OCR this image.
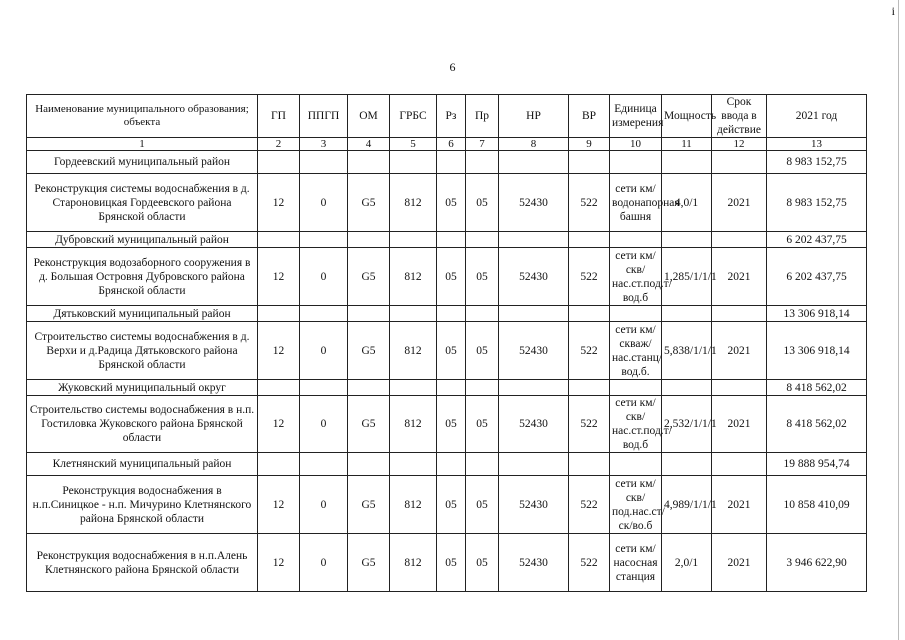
i
6
Наименование муниципального образования; объекта	ГП	ППГП	ОМ	ГРБС	Рз	Пр	НР	ВР	Единица измерения	Мощность	Срок ввода в действие	2021 год
1	2	3	4	5	6	7	8	9	10	11	12	13
Гордеевский муниципальный район												8 983 152,75
Реконструкция системы водоснабжения в д. Староновицкая Гордеевского района Брянской области	12	0	G5	812	05	05	52430	522	сети км/водонапорная башня	4,0/1	2021	8 983 152,75
Дубровский муниципальный район												6 202 437,75
Реконструкция водозаборного сооружения в д. Большая Островня Дубровского района Брянской области	12	0	G5	812	05	05	52430	522	сети км/скв/нас.ст.под.т/вод.б	1,285/1/1/1	2021	6 202 437,75
Дятьковский муниципальный район												13 306 918,14
Строительство системы водоснабжения в д. Верхи и д.Радица Дятьковского района Брянской области	12	0	G5	812	05	05	52430	522	сети км/скваж/нас.станц/вод.б.	5,838/1/1/1	2021	13 306 918,14
Жуковский муниципальный округ												8 418 562,02
Строительство системы водоснабжения в н.п. Гостиловка Жуковского района Брянской области	12	0	G5	812	05	05	52430	522	сети км/скв/нас.ст.под.т/вод.б	2,532/1/1/1	2021	8 418 562,02
Клетнянский муниципальный район												19 888 954,74
Реконструкция водоснабжения в н.п.Синицкое - н.п. Мичурино Клетнянского района Брянской области	12	0	G5	812	05	05	52430	522	сети км/скв/под.нас.ст/ск/во.б	4,989/1/1/1	2021	10 858 410,09
Реконструкция водоснабжения в н.п.Алень Клетнянского района Брянской области	12	0	G5	812	05	05	52430	522	сети км/насосная станция	2,0/1	2021	3 946 622,90
